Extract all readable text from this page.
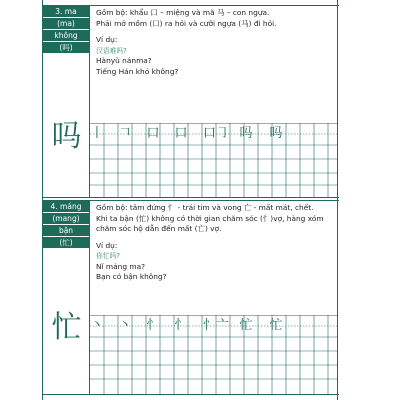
3. ma
(ma)
không
(吗)
吗
Gồm bộ: khẩu 口 – miệng và mã 马 – con ngựa.
Phải mở mồm (口) ra hỏi và cưỡi ngựa (马) đi hỏi.
Ví dụ:
汉语难吗?
Hànyǔ nánma?
Tiếng Hán khó không?
丨 𠃍 口 口 口㇆ 吗	吗
4. máng
(mang)
bận
(忙)
忙
Gồm bộ: tâm đứng 忄 - trái tim và vong 亡 - mất mát, chết.
Khi ta bận (忙) không có thời gian chăm sóc (忄)vợ, hàng xóm
chăm sóc hộ dẫn đến mất (亡) vợ.
Ví dụ:
你忙吗?
Nǐ máng ma?
Bạn có bận không?
丶 丶 忄 忄 忄亠 忙	忙
